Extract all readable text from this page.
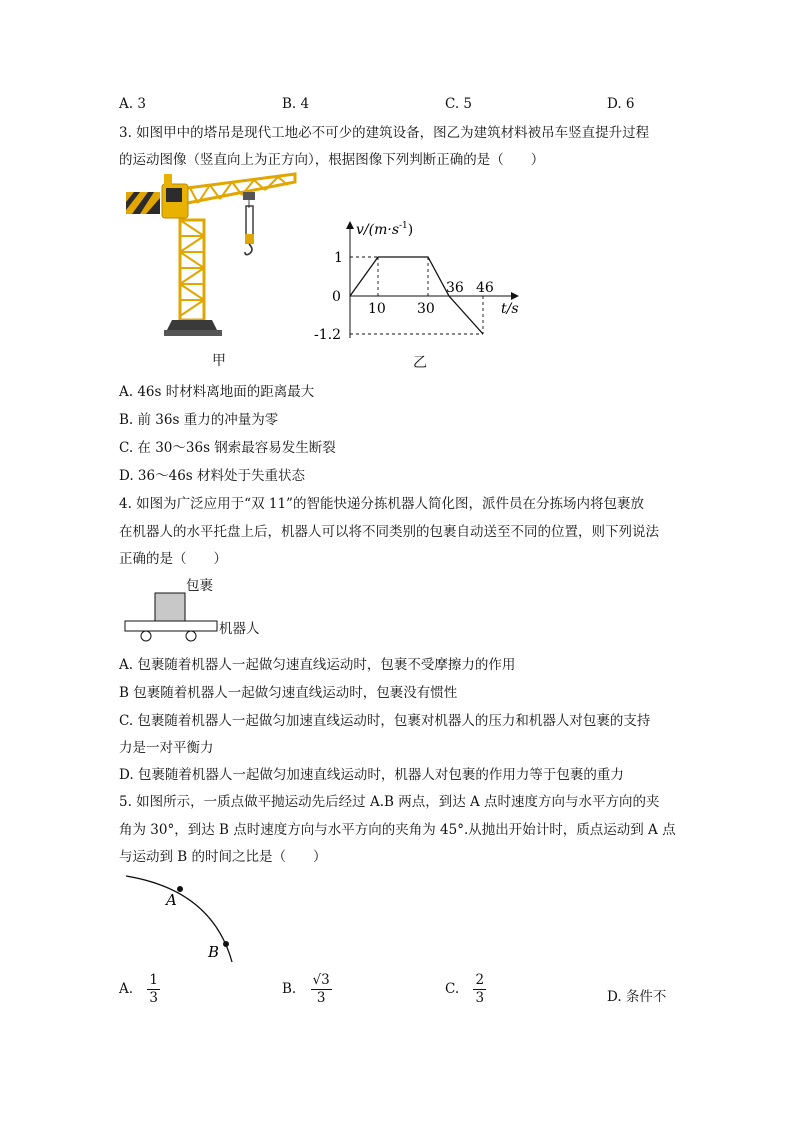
A. 3	B. 4	C. 5	D. 6
3. 如图甲中的塔吊是现代工地必不可少的建筑设备，图乙为建筑材料被吊车竖直提升过程
的运动图像（竖直向上为正方向），根据图像下列判断正确的是（　　）
甲
$v/(m\cdot s^{-1})$
1
0
-1.2
10 30
36 46
t/s
乙
A. 46s 时材料离地面的距离最大
B. 前 36s 重力的冲量为零
C. 在 30～36s 钢索最容易发生断裂
D. 36～46s 材料处于失重状态
4. 如图为广泛应用于“双 11”的智能快递分拣机器人简化图，派件员在分拣场内将包裹放
在机器人的水平托盘上后，机器人可以将不同类别的包裹自动送至不同的位置，则下列说法
正确的是（　　）
包裹
机器人
A. 包裹随着机器人一起做匀速直线运动时，包裹不受摩擦力的作用
B 包裹随着机器人一起做匀速直线运动时，包裹没有惯性
C. 包裹随着机器人一起做匀加速直线运动时，包裹对机器人的压力和机器人对包裹的支持
力是一对平衡力
D. 包裹随着机器人一起做匀加速直线运动时，机器人对包裹的作用力等于包裹的重力
5. 如图所示，一质点做平抛运动先后经过 A.B 两点，到达 A 点时速度方向与水平方向的夹
角为 30°，到达 B 点时速度方向与水平方向的夹角为 45°.从抛出开始计时，质点运动到 A 点
与运动到 B 的时间之比是（　　）
A
B
A. $\frac{1}{3}$	B. $\frac{√3}{3}$	C. $\frac{2}{3}$	D. 条件不
